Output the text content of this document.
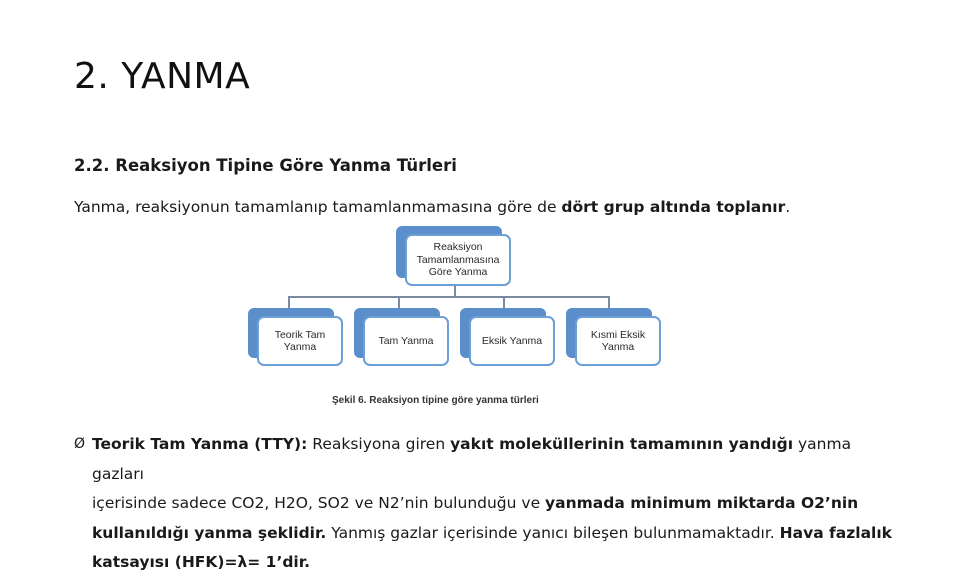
2. YANMA
2.2. Reaksiyon Tipine Göre Yanma Türleri
Yanma, reaksiyonun tamamlanıp tamamlanmamasına göre de dört grup altında toplanır.
Reaksiyon Tamamlanmasına Göre Yanma
Teorik Tam Yanma
Tam Yanma	Eksik Yanma
Kısmi Eksik Yanma
Şekil 6. Reaksiyon tipine göre yanma türleri
Ø Teorik Tam Yanma (TTY): Reaksiyona giren yakıt moleküllerinin tamamının yandığı yanma gazları
içerisinde sadece CO2, H2O, SO2 ve N2’nin bulunduğu ve yanmada minimum miktarda O2’nin
kullanıldığı yanma şeklidir. Yanmış gazlar içerisinde yanıcı bileşen bulunmamaktadır. Hava fazlalık
katsayısı (HFK)=λ= 1’dir.
